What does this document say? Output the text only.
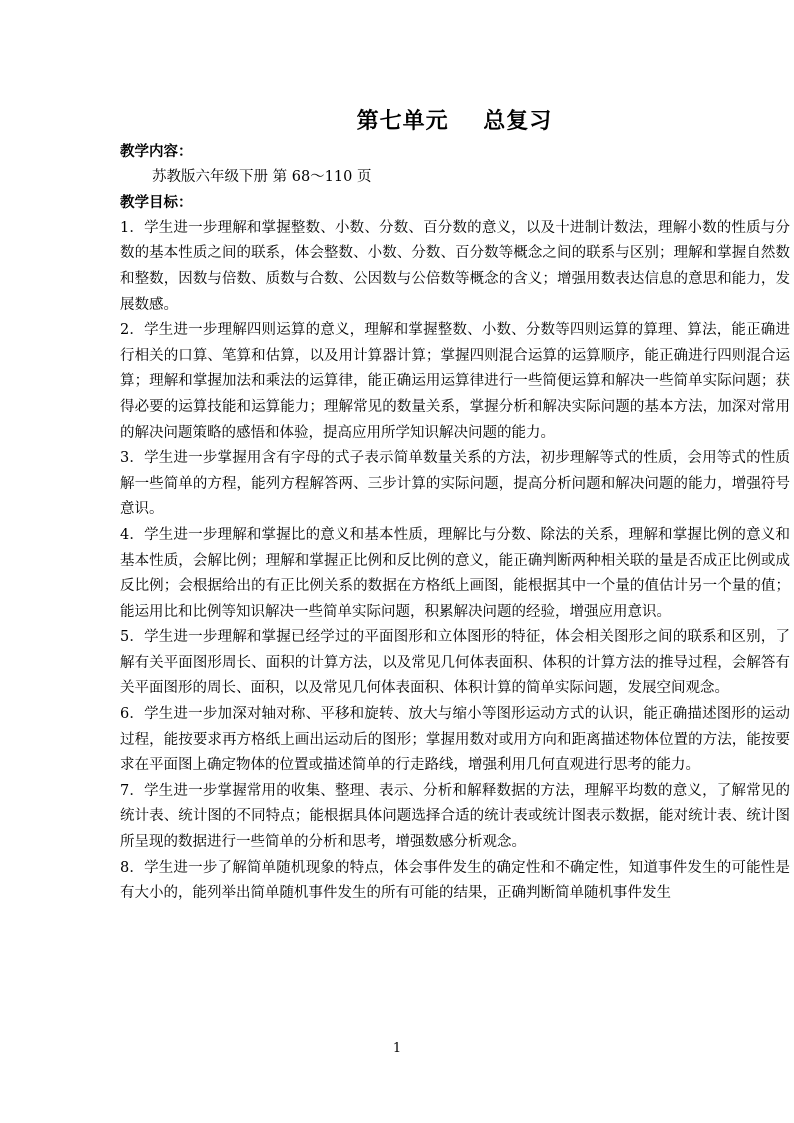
第七单元    总复习

教学内容：

苏教版六年级下册 第 68～110 页

教学目标：

1．学生进一步理解和掌握整数、小数、分数、百分数的意义，以及十进制计数法，理解小数的性质与分数的基本性质之间的联系，体会整数、小数、分数、百分数等概念之间的联系与区别；理解和掌握自然数和整数，因数与倍数、质数与合数、公因数与公倍数等概念的含义；增强用数表达信息的意思和能力，发展数感。

2．学生进一步理解四则运算的意义，理解和掌握整数、小数、分数等四则运算的算理、算法，能正确进行相关的口算、笔算和估算，以及用计算器计算；掌握四则混合运算的运算顺序，能正确进行四则混合运算；理解和掌握加法和乘法的运算律，能正确运用运算律进行一些简便运算和解决一些简单实际问题；获得必要的运算技能和运算能力；理解常见的数量关系，掌握分析和解决实际问题的基本方法，加深对常用的解决问题策略的感悟和体验，提高应用所学知识解决问题的能力。

3．学生进一步掌握用含有字母的式子表示简单数量关系的方法，初步理解等式的性质，会用等式的性质解一些简单的方程，能列方程解答两、三步计算的实际问题，提高分析问题和解决问题的能力，增强符号意识。

4．学生进一步理解和掌握比的意义和基本性质，理解比与分数、除法的关系，理解和掌握比例的意义和基本性质，会解比例；理解和掌握正比例和反比例的意义，能正确判断两种相关联的量是否成正比例或成反比例；会根据给出的有正比例关系的数据在方格纸上画图，能根据其中一个量的值估计另一个量的值；能运用比和比例等知识解决一些简单实际问题，积累解决问题的经验，增强应用意识。

5．学生进一步理解和掌握已经学过的平面图形和立体图形的特征，体会相关图形之间的联系和区别，了解有关平面图形周长、面积的计算方法，以及常见几何体表面积、体积的计算方法的推导过程，会解答有关平面图形的周长、面积，以及常见几何体表面积、体积计算的简单实际问题，发展空间观念。

6．学生进一步加深对轴对称、平移和旋转、放大与缩小等图形运动方式的认识，能正确描述图形的运动过程，能按要求再方格纸上画出运动后的图形；掌握用数对或用方向和距离描述物体位置的方法，能按要求在平面图上确定物体的位置或描述简单的行走路线，增强利用几何直观进行思考的能力。

7．学生进一步掌握常用的收集、整理、表示、分析和解释数据的方法，理解平均数的意义，了解常见的统计表、统计图的不同特点；能根据具体问题选择合适的统计表或统计图表示数据，能对统计表、统计图所呈现的数据进行一些简单的分析和思考，增强数感分析观念。

8．学生进一步了解简单随机现象的特点，体会事件发生的确定性和不确定性，知道事件发生的可能性是有大小的，能列举出简单随机事件发生的所有可能的结果，正确判断简单随机事件发生

1
